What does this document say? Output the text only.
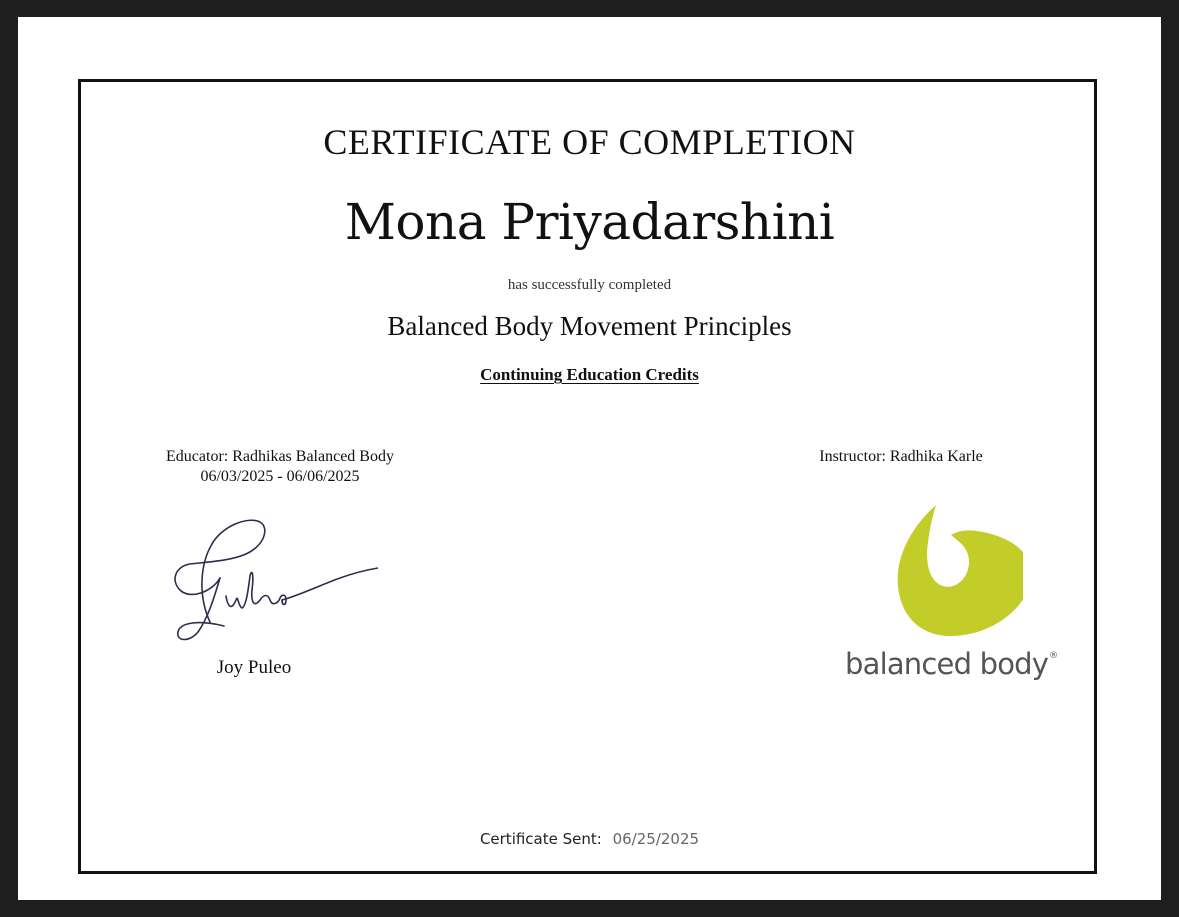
CERTIFICATE OF COMPLETION
Mona Priyadarshini
has successfully completed
Balanced Body Movement Principles
Continuing Education Credits
Educator: Radhikas Balanced Body
06/03/2025 - 06/06/2025
Instructor: Radhika Karle
Joy Puleo	balanced body®
Certificate Sent: 06/25/2025
